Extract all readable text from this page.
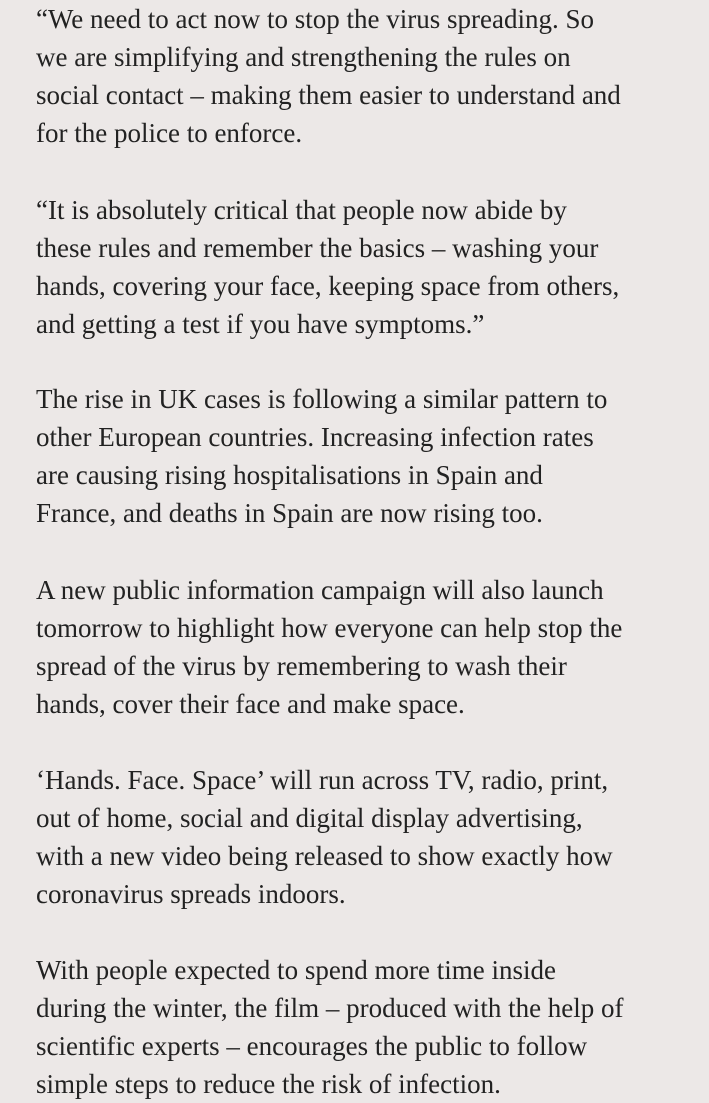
“We need to act now to stop the virus spreading. So
we are simplifying and strengthening the rules on
social contact – making them easier to understand and
for the police to enforce.

“It is absolutely critical that people now abide by
these rules and remember the basics – washing your
hands, covering your face, keeping space from others,
and getting a test if you have symptoms.”

The rise in UK cases is following a similar pattern to
other European countries. Increasing infection rates
are causing rising hospitalisations in Spain and
France, and deaths in Spain are now rising too.

A new public information campaign will also launch
tomorrow to highlight how everyone can help stop the
spread of the virus by remembering to wash their
hands, cover their face and make space.

‘Hands. Face. Space’ will run across TV, radio, print,
out of home, social and digital display advertising,
with a new video being released to show exactly how
coronavirus spreads indoors.

With people expected to spend more time inside
during the winter, the film – produced with the help of
scientific experts – encourages the public to follow
simple steps to reduce the risk of infection.
